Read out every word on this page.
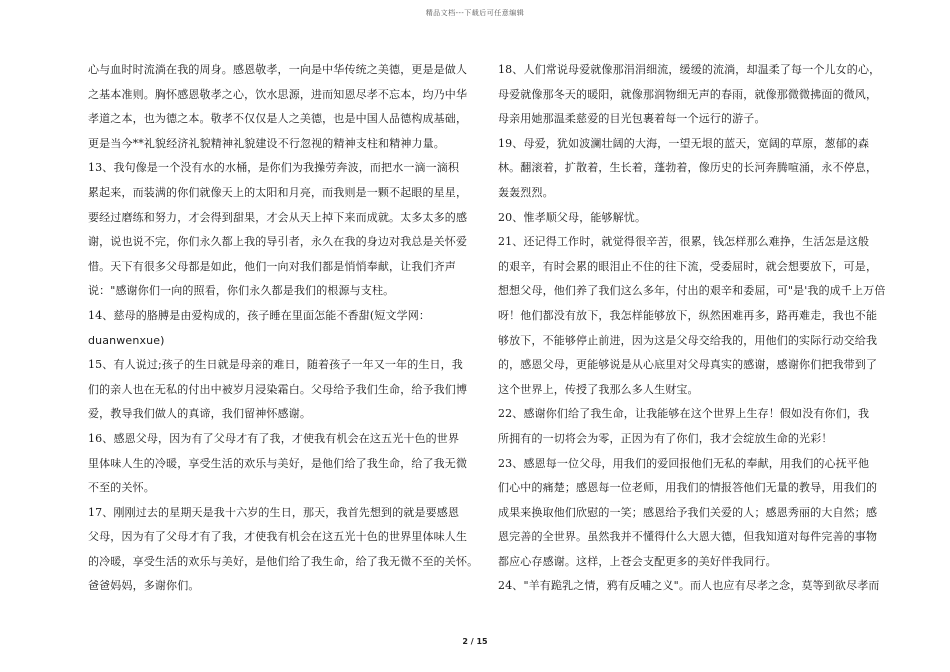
精品文档---下载后可任意编辑
心与血时时流淌在我的周身。感恩敬孝，一向是中华传统之美德，更是是做人
之基本准则。胸怀感恩敬孝之心，饮水思源，进而知恩尽孝不忘本，均乃中华
孝道之本，也为德之本。敬孝不仅仅是人之美德，也是中国人品德构成基础，
更是当今**礼貌经济礼貌精神礼貌建设不行忽视的精神支柱和精神力量。
13、我句像是一个没有水的水桶，是你们为我操劳奔波，而把水一滴一滴积
累起来，而装满的你们就像天上的太阳和月亮，而我则是一颗不起眼的星星，
要经过磨练和努力，才会得到甜果，才会从天上掉下来而成就。太多太多的感
谢，说也说不完，你们永久都上我的导引者，永久在我的身边对我总是关怀爱
惜。天下有很多父母都是如此，他们一向对我们都是悄悄奉献，让我们齐声
说："感谢你们一向的照看，你们永久都是我们的根源与支柱。
14、慈母的胳膊是由爱构成的，孩子睡在里面怎能不香甜(短文学网：
duanwenxue)
15、有人说过;孩子的生日就是母亲的难日，随着孩子一年又一年的生日，我
们的亲人也在无私的付出中被岁月浸染霜白。父母给予我们生命，给予我们博
爱，教导我们做人的真谛，我们留神怀感谢。
16、感恩父母，因为有了父母才有了我，才使我有机会在这五光十色的世界
里体味人生的冷暖，享受生活的欢乐与美好，是他们给了我生命，给了我无微
不至的关怀。
17、刚刚过去的星期天是我十六岁的生日，那天，我首先想到的就是要感恩
父母，因为有了父母才有了我，才使我有机会在这五光十色的世界里体味人生
的冷暖，享受生活的欢乐与美好，是他们给了我生命，给了我无微不至的关怀。
爸爸妈妈，多谢你们。
18、人们常说母爱就像那涓涓细流，缓缓的流淌，却温柔了每一个儿女的心，
母爱就像那冬天的暖阳，就像那润物细无声的春雨，就像那微微拂面的微风，
母亲用她那温柔慈爱的目光包裹着每一个远行的游子。
19、母爱，犹如波澜壮阔的大海，一望无垠的蓝天，宽阔的草原，葱郁的森
林。翻滚着，扩散着，生长着，蓬勃着，像历史的长河奔腾喧涌，永不停息，
轰轰烈烈。
20、惟孝顺父母，能够解忧。
21、还记得工作时，就觉得很辛苦，很累，钱怎样那么难挣，生活怎是这般
的艰辛，有时会累的眼泪止不住的往下流，受委屈时，就会想要放下，可是，
想想父母，他们养了我们这么多年，付出的艰辛和委屈，可"是'我的成千上万倍
呀！他们都没有放下，我怎样能够放下，纵然困难再多，路再难走，我也不能
够放下，不能够停止前进，因为这是父母交给我的，用他们的实际行动交给我
的，感恩父母，更能够说是从心底里对父母真实的感谢，感谢你们把我带到了
这个世界上，传授了我那么多人生财宝。
22、感谢你们给了我生命，让我能够在这个世界上生存！假如没有你们，我
所拥有的一切将会为零，正因为有了你们，我才会绽放生命的光彩！
23、感恩每一位父母，用我们的爱回报他们无私的奉献，用我们的心抚平他
们心中的痛楚；感恩每一位老师，用我们的情报答他们无量的教导，用我们的
成果来换取他们欣慰的一笑；感恩给予我们关爱的人；感恩秀丽的大自然；感
恩完善的全世界。虽然我并不懂得什么大恩大德，但我知道对每件完善的事物
都应心存感谢。这样，上苍会支配更多的美好伴我同行。
24、"羊有跪乳之情，鸦有反哺之义"。而人也应有尽孝之念，莫等到欲尽孝而
2 / 15
